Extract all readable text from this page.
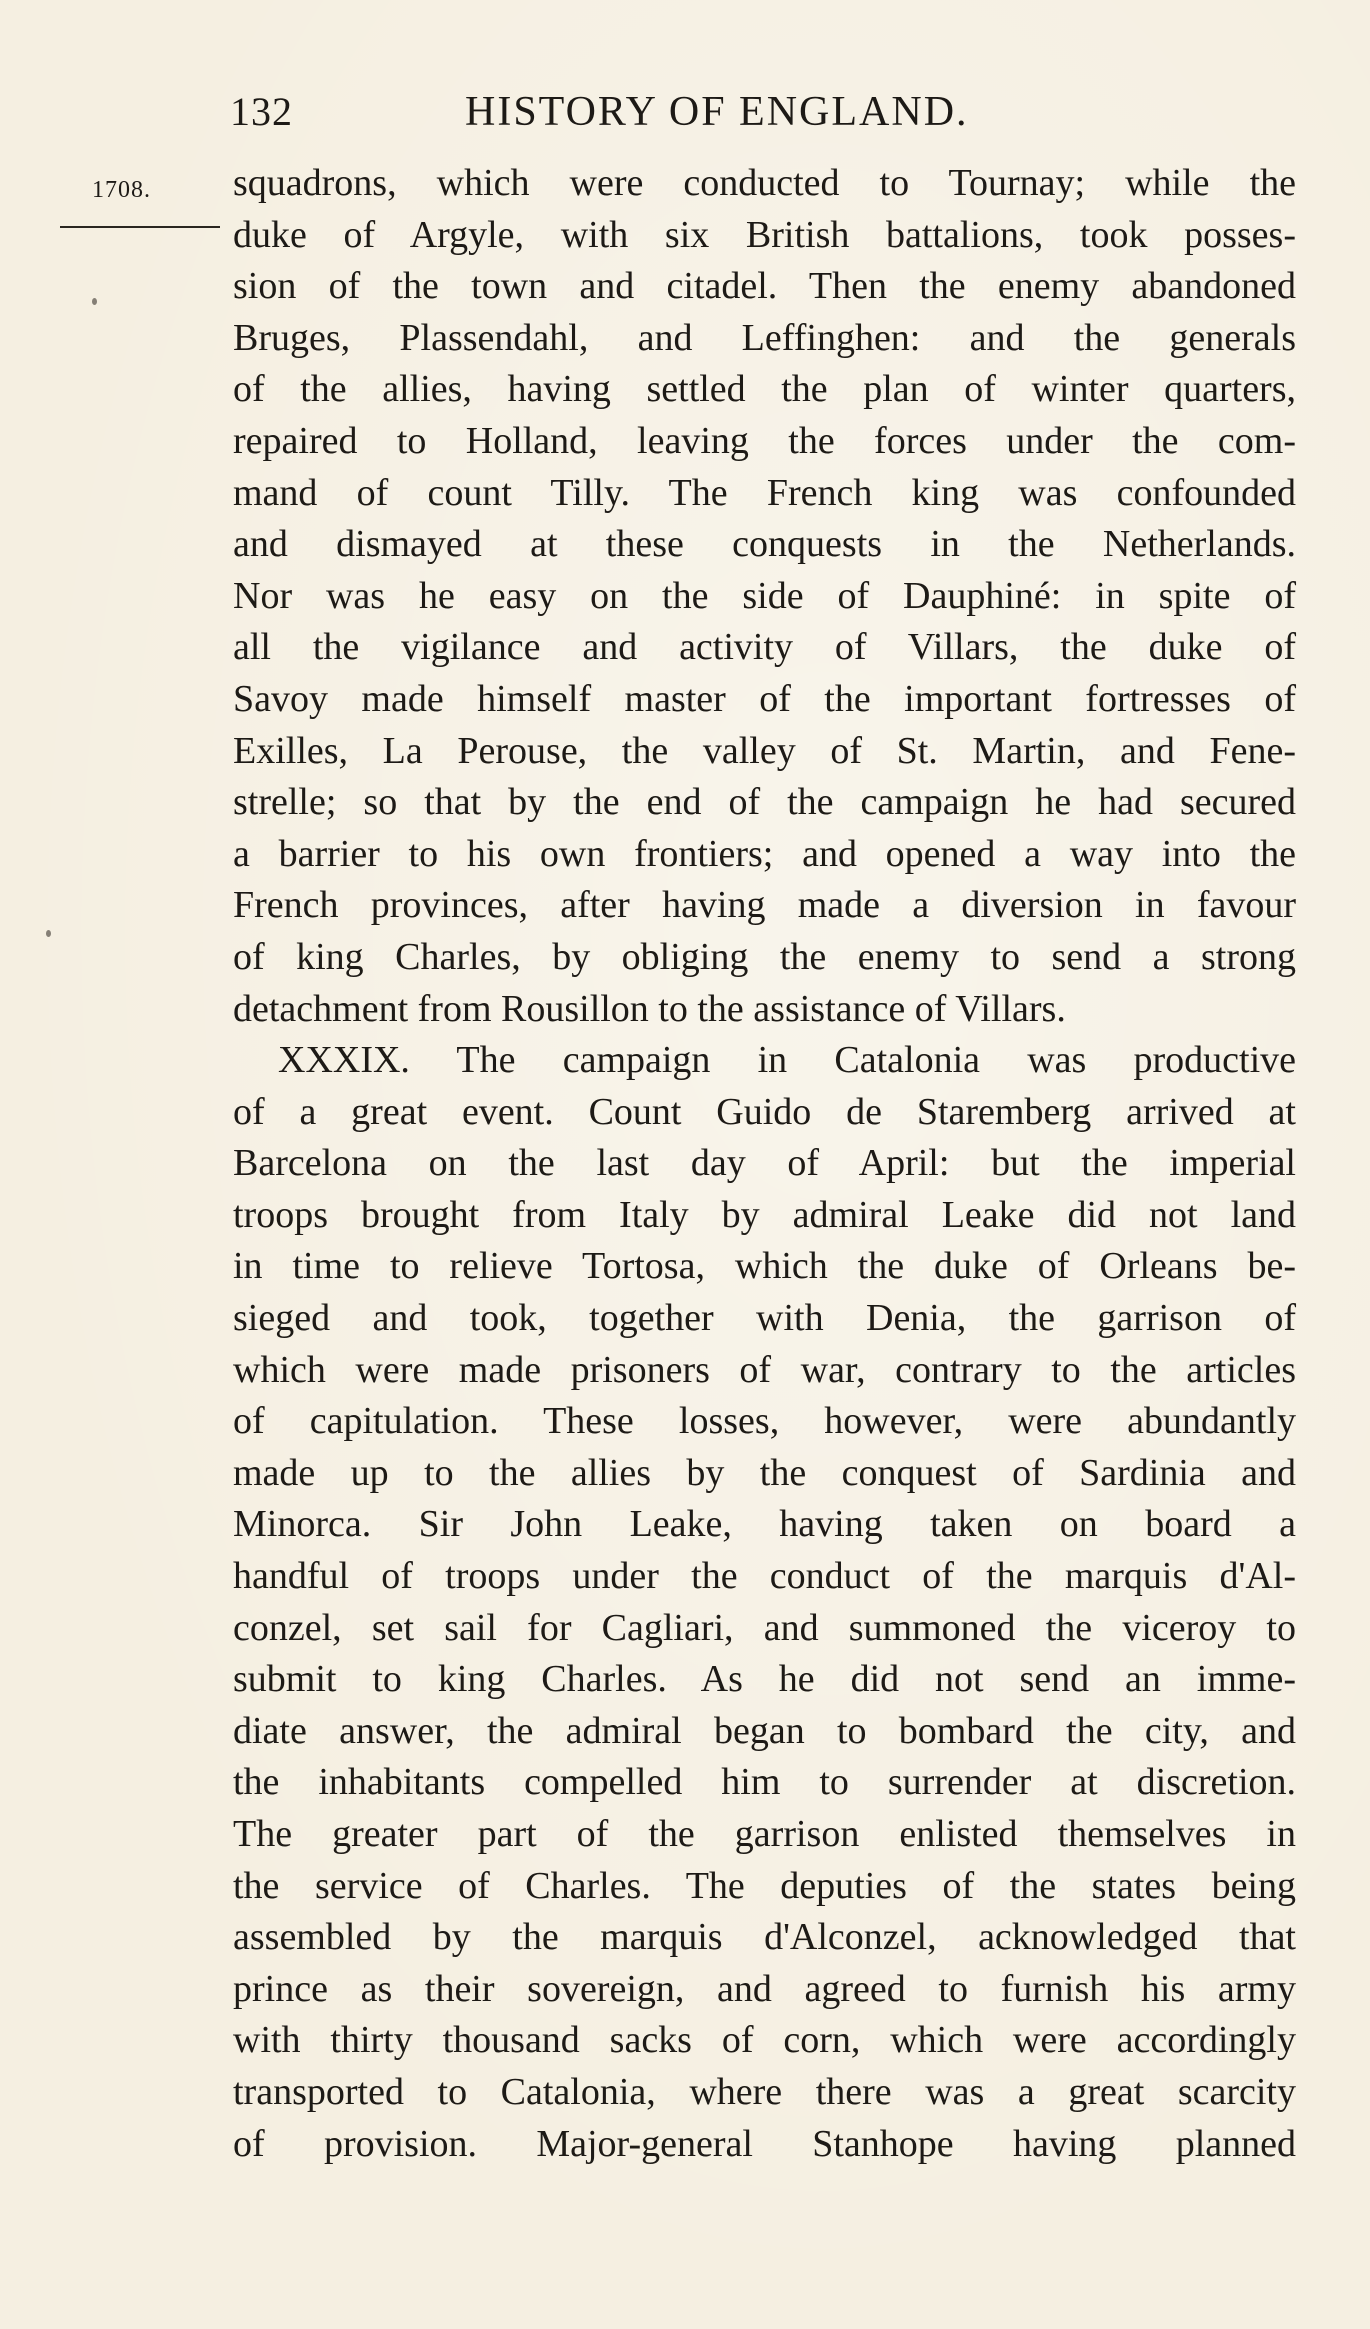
132	HISTORY OF ENGLAND.
1708. squadrons, which were conducted to Tournay; while the
duke of Argyle, with six British battalions, took posses-
sion of the town and citadel. Then the enemy abandoned
Bruges, Plassendahl, and Leffinghen: and the generals
of the allies, having settled the plan of winter quarters,
repaired to Holland, leaving the forces under the com-
mand of count Tilly. The French king was confounded
and dismayed at these conquests in the Netherlands.
Nor was he easy on the side of Dauphiné: in spite of
all the vigilance and activity of Villars, the duke of
Savoy made himself master of the important fortresses of
Exilles, La Perouse, the valley of St. Martin, and Fene-
strelle; so that by the end of the campaign he had secured
a barrier to his own frontiers; and opened a way into the
French provinces, after having made a diversion in favour
of king Charles, by obliging the enemy to send a strong
detachment from Rousillon to the assistance of Villars.
XXXIX. The campaign in Catalonia was productive
of a great event. Count Guido de Staremberg arrived at
Barcelona on the last day of April: but the imperial
troops brought from Italy by admiral Leake did not land
in time to relieve Tortosa, which the duke of Orleans be-
sieged and took, together with Denia, the garrison of
which were made prisoners of war, contrary to the articles
of capitulation. These losses, however, were abundantly
made up to the allies by the conquest of Sardinia and
Minorca. Sir John Leake, having taken on board a
handful of troops under the conduct of the marquis d'Al-
conzel, set sail for Cagliari, and summoned the viceroy to
submit to king Charles. As he did not send an imme-
diate answer, the admiral began to bombard the city, and
the inhabitants compelled him to surrender at discretion.
The greater part of the garrison enlisted themselves in
the service of Charles. The deputies of the states being
assembled by the marquis d'Alconzel, acknowledged that
prince as their sovereign, and agreed to furnish his army
with thirty thousand sacks of corn, which were accordingly
transported to Catalonia, where there was a great scarcity
of provision. Major-general Stanhope having planned
